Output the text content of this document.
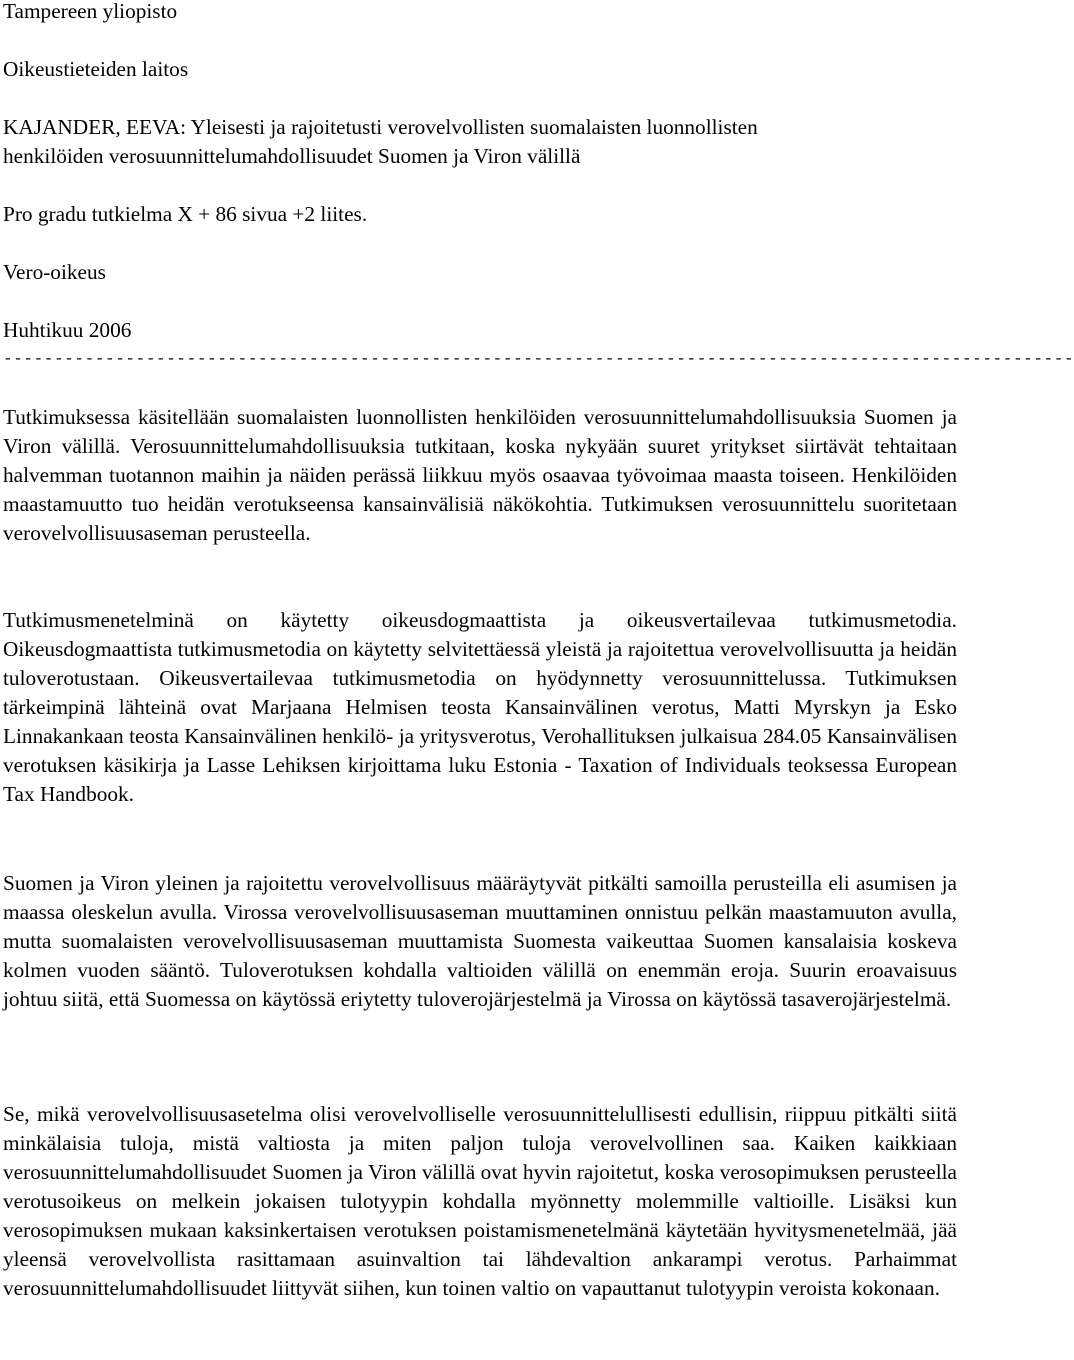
Tampereen yliopisto
Oikeustieteiden laitos
KAJANDER, EEVA: Yleisesti ja rajoitetusti verovelvollisten suomalaisten luonnollisten
henkilöiden verosuunnittelumahdollisuudet Suomen ja Viron välillä
Pro gradu tutkielma X + 86 sivua +2 liites.
Vero-oikeus
Huhtikuu 2006
---------------------------------------------------------------------------------------------------------

Tutkimuksessa käsitellään suomalaisten luonnollisten henkilöiden verosuunnittelumahdollisuuksia Suomen ja Viron välillä. Verosuunnittelumahdollisuuksia tutkitaan, koska nykyään suuret yritykset siirtävät tehtaitaan halvemman tuotannon maihin ja näiden perässä liikkuu myös osaavaa työvoimaa maasta toiseen. Henkilöiden maastamuutto tuo heidän verotukseensa kansainvälisiä näkökohtia. Tutkimuksen verosuunnittelu suoritetaan verovelvollisuusaseman perusteella.

Tutkimusmenetelminä on käytetty oikeusdogmaattista ja oikeusvertailevaa tutkimusmetodia. Oikeusdogmaattista tutkimusmetodia on käytetty selvitettäessä yleistä ja rajoitettua verovelvollisuutta ja heidän tuloverotustaan. Oikeusvertailevaa tutkimusmetodia on hyödynnetty verosuunnittelussa. Tutkimuksen tärkeimpinä lähteinä ovat Marjaana Helmisen teosta Kansainvälinen verotus, Matti Myrskyn ja Esko Linnakankaan teosta Kansainvälinen henkilö- ja yritysverotus, Verohallituksen julkaisua 284.05 Kansainvälisen verotuksen käsikirja ja Lasse Lehiksen kirjoittama luku Estonia - Taxation of Individuals teoksessa European Tax Handbook.

Suomen ja Viron yleinen ja rajoitettu verovelvollisuus määräytyvät pitkälti samoilla perusteilla eli asumisen ja maassa oleskelun avulla. Virossa verovelvollisuusaseman muuttaminen onnistuu pelkän maastamuuton avulla, mutta suomalaisten verovelvollisuusaseman muuttamista Suomesta vaikeuttaa Suomen kansalaisia koskeva kolmen vuoden sääntö. Tuloverotuksen kohdalla valtioiden välillä on enemmän eroja. Suurin eroavaisuus johtuu siitä, että Suomessa on käytössä eriytetty tuloverojärjestelmä ja Virossa on käytössä tasaverojärjestelmä.

Se, mikä verovelvollisuusasetelma olisi verovelvolliselle verosuunnittelullisesti edullisin, riippuu pitkälti siitä minkälaisia tuloja, mistä valtiosta ja miten paljon tuloja verovelvollinen saa. Kaiken kaikkiaan verosuunnittelumahdollisuudet Suomen ja Viron välillä ovat hyvin rajoitetut, koska verosopimuksen perusteella verotusoikeus on melkein jokaisen tulotyypin kohdalla myönnetty molemmille valtioille. Lisäksi kun verosopimuksen mukaan kaksinkertaisen verotuksen poistamismenetelmänä käytetään hyvitysmenetelmää, jää yleensä verovelvollista rasittamaan asuinvaltion tai lähdevaltion ankarampi verotus. Parhaimmat verosuunnittelumahdollisuudet liittyvät siihen, kun toinen valtio on vapauttanut tulotyypin veroista kokonaan.
